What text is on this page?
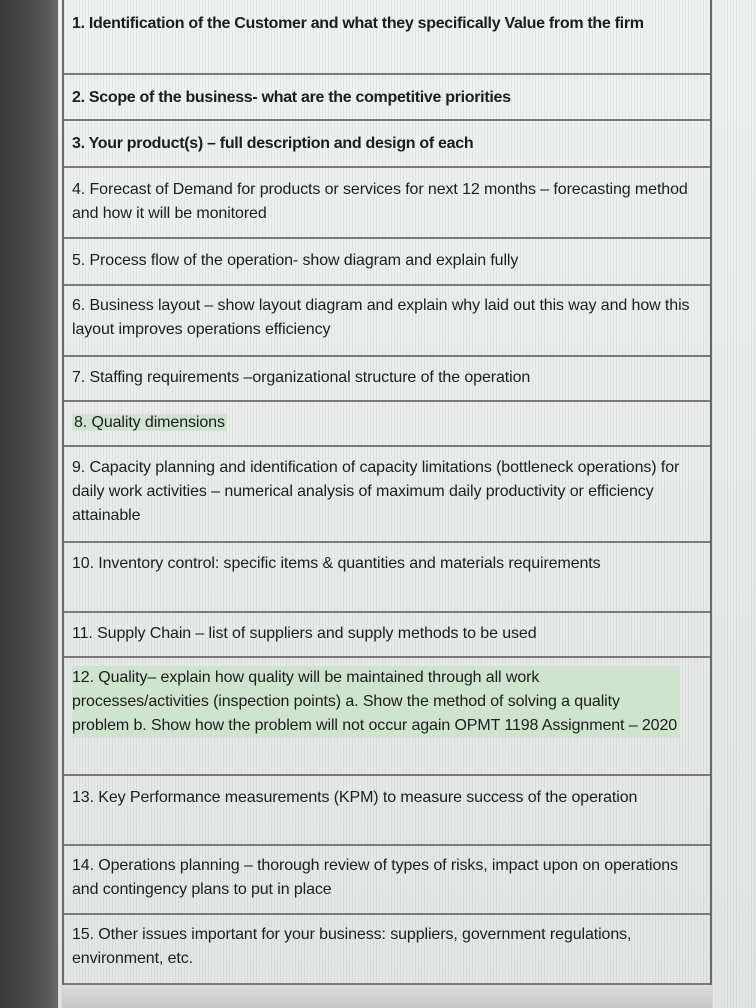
1. Identification of the Customer and what they specifically Value from the firm
2. Scope of the business- what are the competitive priorities
3. Your product(s) – full description and design of each
4. Forecast of Demand for products or services for next 12 months – forecasting method and how it will be monitored
5. Process flow of the operation- show diagram and explain fully
6. Business layout – show layout diagram and explain why laid out this way and how this layout improves operations efficiency
7. Staffing requirements –organizational structure of the operation
8. Quality dimensions
9. Capacity planning and identification of capacity limitations (bottleneck operations) for daily work activities – numerical analysis of maximum daily productivity or efficiency attainable
10. Inventory control: specific items & quantities and materials requirements
11. Supply Chain – list of suppliers and supply methods to be used
12. Quality– explain how quality will be maintained through all work processes/activities (inspection points) a. Show the method of solving a quality problem b. Show how the problem will not occur again OPMT 1198 Assignment – 2020
13. Key Performance measurements (KPM) to measure success of the operation
14. Operations planning – thorough review of types of risks, impact upon on operations and contingency plans to put in place
15. Other issues important for your business: suppliers, government regulations, environment, etc.
